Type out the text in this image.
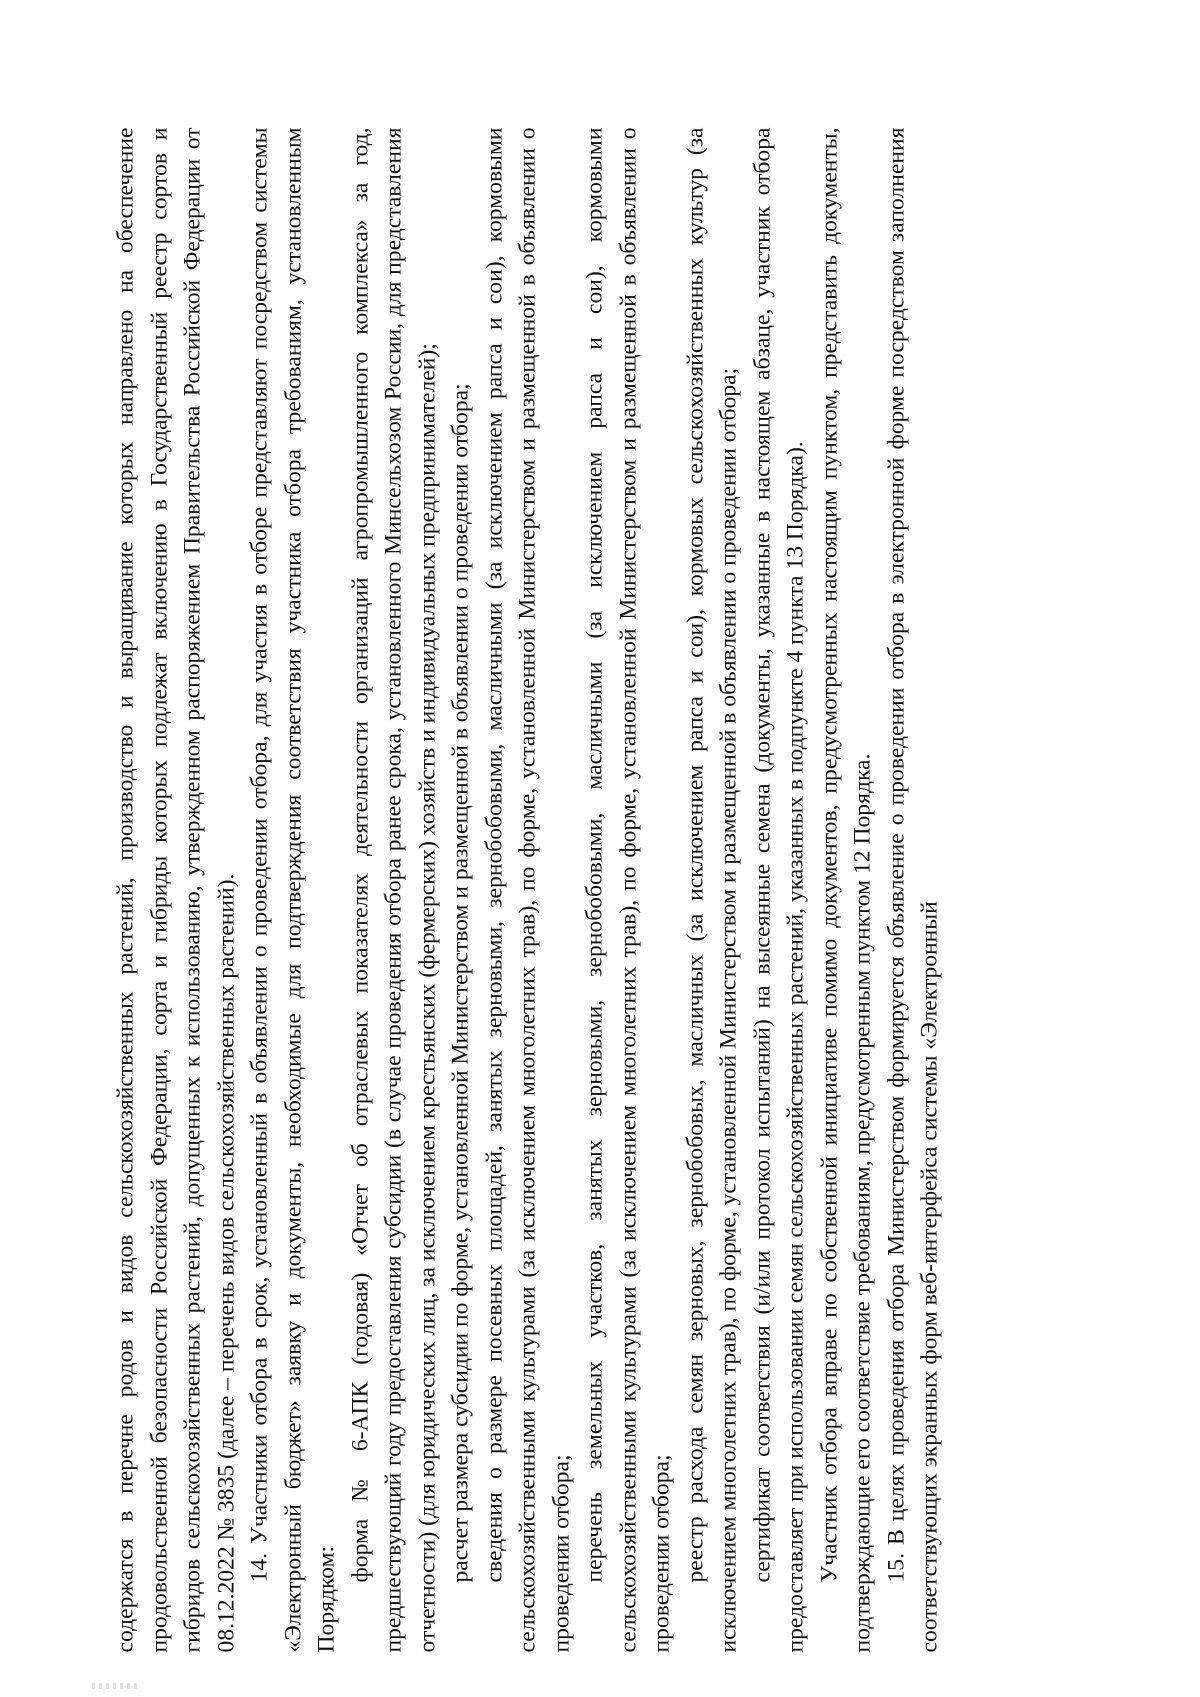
содержатся в перечне родов и видов сельскохозяйственных растений, производство и выращивание которых направлено на обеспечение продовольственной безопасности Российской Федерации, сорта и гибриды которых подлежат включению в Государственный реестр сортов и гибридов сельскохозяйственных растений, допущенных к использованию, утвержденном распоряжением Правительства Российской Федерации от 08.12.2022 № 3835 (далее – перечень видов сельскохозяйственных растений). 14. Участники отбора в срок, установленный в объявлении о проведении отбора, для участия в отборе представляют посредством системы «Электронный бюджет» заявку и документы, необходимые для подтверждения соответствия участника отбора требованиям, установленным Порядком:

форма № 6-АПК (годовая) «Отчет об отраслевых показателях деятельности организаций агропромышленного комплекса» за год, предшествующий году предоставления субсидии (в случае проведения отбора ранее срока, установленного Минсельхозом России, для представления отчетности) (для юридических лиц, за исключением крестьянских (фермерских) хозяйств и индивидуальных предпринимателей); расчет размера субсидии по форме, установленной Министерством и размещенной в объявлении о проведении отбора; сведения о размере посевных площадей, занятых зерновыми, зернобобовыми, масличными (за исключением рапса и сои), кормовыми сельскохозяйственными культурами (за исключением многолетних трав), по форме, установленной Министерством и размещенной в объявлении о проведении отбора; перечень земельных участков, занятых зерновыми, зернобобовыми, масличными (за исключением рапса и сои), кормовыми сельскохозяйственными культурами (за исключением многолетних трав), по форме, установленной Министерством и размещенной в объявлении о проведении отбора; реестр расхода семян зерновых, зернобобовых, масличных (за исключением рапса и сои), кормовых сельскохозяйственных культур (за исключением многолетних трав), по форме, установленной Министерством и размещенной в объявлении о проведении отбора; сертификат соответствия (и/или протокол испытаний) на высеянные семена (документы, указанные в настоящем абзаце, участник отбора предоставляет при использовании семян сельскохозяйственных растений, указанных в подпункте 4 пункта 13 Порядка). Участник отбора вправе по собственной инициативе помимо документов, предусмотренных настоящим пунктом, представить документы, подтверждающие его соответствие требованиям, предусмотренным пунктом 12 Порядка. 15. В целях проведения отбора Министерством формируется объявление о проведении отбора в электронной форме посредством заполнения соответствующих экранных форм веб-интерфейса системы «Электронный
